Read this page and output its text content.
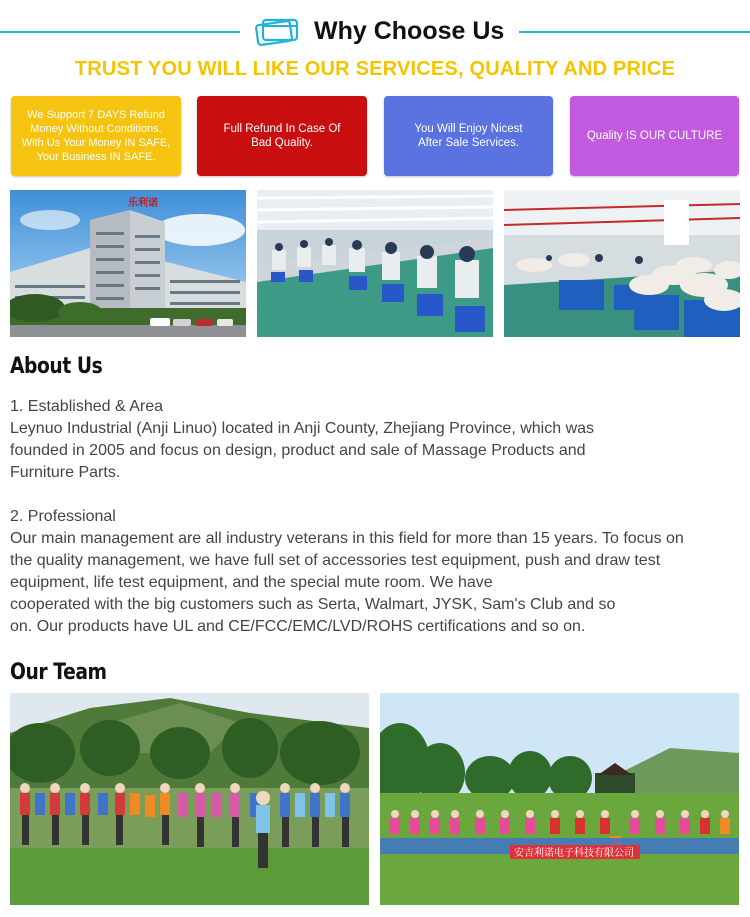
Why Choose Us
TRUST YOU WILL LIKE OUR SERVICES, QUALITY AND PRICE
We Support 7 DAYS Refund
Money Without Conditions.
With Us Your Money IN SAFE,
Your Business IN SAFE.
Full Refund In Case Of
Bad Quality.
You Will Enjoy Nicest
After Sale Services.
Quality IS OUR CULTURE
乐利诺
About Us
1. Established & Area
Leynuo Industrial (Anji Linuo) located in Anji County, Zhejiang Province, which was
founded in 2005 and focus on design, product and sale of Massage Products and
Furniture Parts.
2. Professional
Our main management are all industry veterans in this field for more than 15 years. To focus on
the quality management, we have full set of accessories test equipment, push and draw test
equipment, life test equipment, and the special mute room. We have
cooperated with the big customers such as Serta, Walmart, JYSK, Sam's Club and so
on. Our products have UL and CE/FCC/EMC/LVD/ROHS certifications and so on.
Our Team
安吉利诺电子科技有限公司
